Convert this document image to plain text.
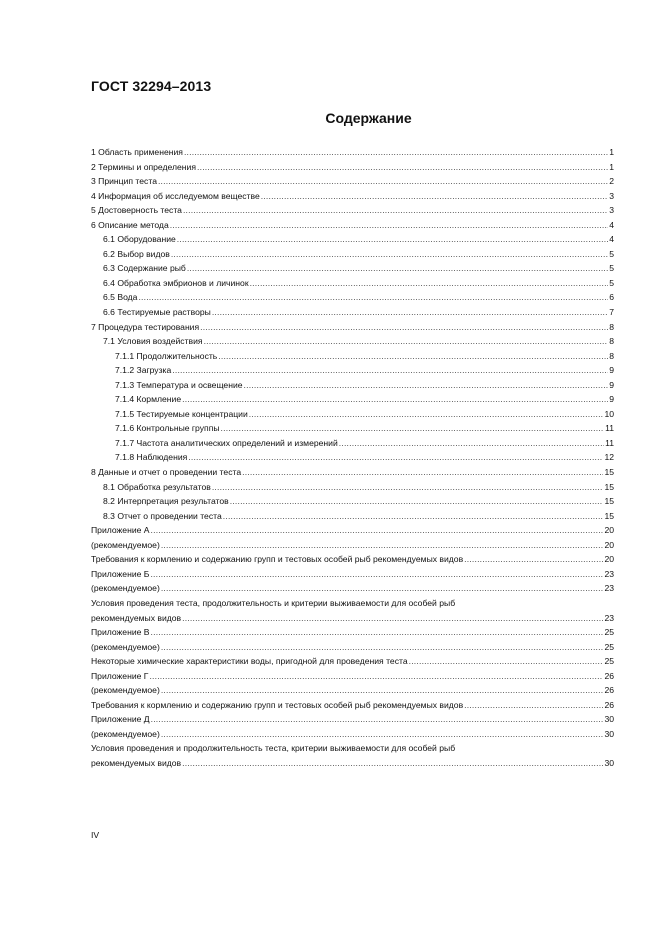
ГОСТ 32294–2013
Содержание
1 Область применения .....	1
2 Термины и определения .....	1
3 Принцип теста .....	2
4 Информация об исследуемом веществе .....	3
5 Достоверность теста .....	3
6 Описание метода .....	4
6.1 Оборудование .....	4
6.2 Выбор видов .....	5
6.3 Содержание рыб .....	5
6.4 Обработка эмбрионов и личинок .....	5
6.5 Вода .....	6
6.6 Тестируемые растворы .....	7
7 Процедура тестирования .....	8
7.1 Условия воздействия .....	8
7.1.1 Продолжительность .....	8
7.1.2 Загрузка .....	9
7.1.3 Температура и освещение .....	9
7.1.4 Кормление .....	9
7.1.5 Тестируемые концентрации .....	10
7.1.6 Контрольные группы .....	11
7.1.7 Частота аналитических определений и измерений .....	11
7.1.8 Наблюдения .....	12
8 Данные и отчет о проведении теста .....	15
8.1 Обработка результатов .....	15
8.2 Интерпретация результатов .....	15
8.3 Отчет о проведении теста .....	15
Приложение А .....	20
(рекомендуемое) .....	20
Требования к кормлению и содержанию групп и тестовых особей рыб рекомендуемых видов .....	20
Приложение Б .....	23
(рекомендуемое) .....	23
Условия проведения теста, продолжительность и критерии выживаемости для особей рыб
рекомендуемых видов .....	23
Приложение В .....	25
(рекомендуемое) .....	25
Некоторые химические характеристики воды, пригодной для проведения теста .....	25
Приложение Г .....	26
(рекомендуемое) .....	26
Требования к кормлению и содержанию групп и тестовых особей рыб рекомендуемых видов .....	26
Приложение Д .....	30
(рекомендуемое) .....	30
Условия проведения и продолжительность теста, критерии выживаемости для особей рыб
рекомендуемых видов .....	30
IV
